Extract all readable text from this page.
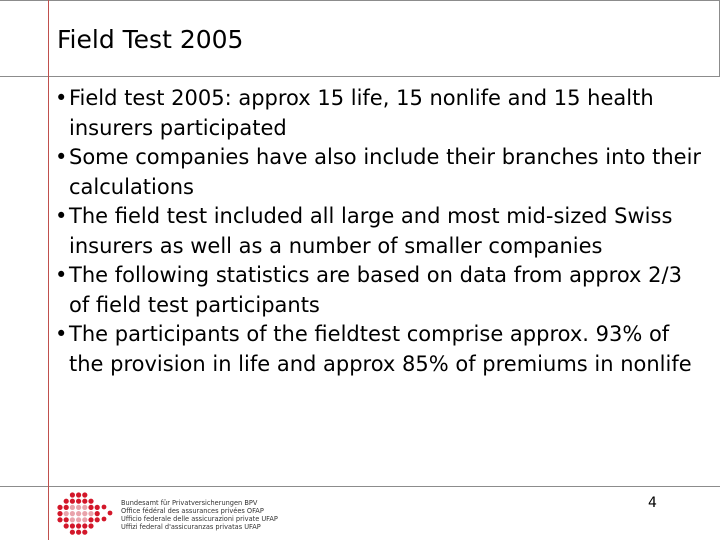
Field Test 2005
• Field test 2005: approx 15 life, 15 nonlife and 15 health insurers participated
• Some companies have also include their branches into their calculations
• The field test included all large and most mid-sized Swiss insurers as well as a number of smaller companies
• The following statistics are based on data from approx 2/3 of field test participants
• The participants of the fieldtest comprise approx. 93% of the provision in life and approx 85% of premiums in nonlife
Bundesamt für Privatversicherungen BPV
Office fédéral des assurances privées OFAP
Ufficio federale delle assicurazioni private UFAP
Uffizi federal d'assicuranzas privatas UFAP
4
